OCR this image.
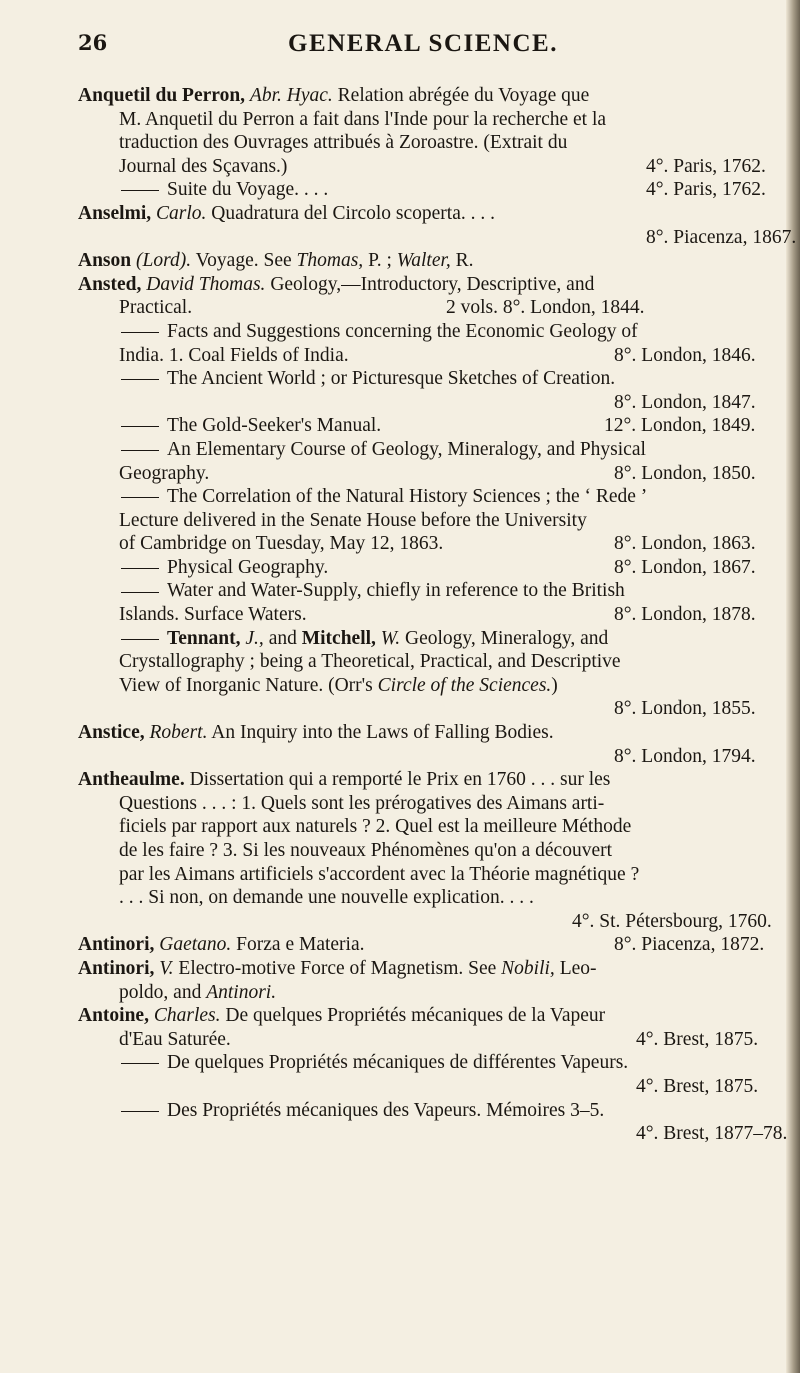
26	GENERAL SCIENCE.
Anquetil du Perron, Abr. Hyac. Relation abrégée du Voyage que
M. Anquetil du Perron a fait dans l'Inde pour la recherche et la
traduction des Ouvrages attribués à Zoroastre. (Extrait du
Journal des Sçavans.)	4°. Paris, 1762.
Suite du Voyage. . . .	4°. Paris, 1762.
Anselmi, Carlo. Quadratura del Circolo scoperta. . . .
8°. Piacenza, 1867.
Anson (Lord). Voyage. See Thomas, P. ; Walter, R.
Ansted, David Thomas. Geology,—Introductory, Descriptive, and
Practical.	2 vols. 8°. London, 1844.
Facts and Suggestions concerning the Economic Geology of
India. 1. Coal Fields of India.	8°. London, 1846.
The Ancient World ; or Picturesque Sketches of Creation.
8°. London, 1847.
The Gold-Seeker's Manual.	12°. London, 1849.
An Elementary Course of Geology, Mineralogy, and Physical
Geography.	8°. London, 1850.
The Correlation of the Natural History Sciences ; the ‘ Rede ’
Lecture delivered in the Senate House before the University
of Cambridge on Tuesday, May 12, 1863.	8°. London, 1863.
Physical Geography.	8°. London, 1867.
Water and Water-Supply, chiefly in reference to the British
Islands. Surface Waters.	8°. London, 1878.
Tennant, J., and Mitchell, W. Geology, Mineralogy, and
Crystallography ; being a Theoretical, Practical, and Descriptive
View of Inorganic Nature. (Orr's Circle of the Sciences.)
8°. London, 1855.
Anstice, Robert. An Inquiry into the Laws of Falling Bodies.
8°. London, 1794.
Antheaulme. Dissertation qui a remporté le Prix en 1760 . . . sur les
Questions . . . : 1. Quels sont les prérogatives des Aimans arti-
ficiels par rapport aux naturels ? 2. Quel est la meilleure Méthode
de les faire ? 3. Si les nouveaux Phénomènes qu'on a découvert
par les Aimans artificiels s'accordent avec la Théorie magnétique ?
. . . Si non, on demande une nouvelle explication. . . .
4°. St. Pétersbourg, 1760.
Antinori, Gaetano. Forza e Materia.	8°. Piacenza, 1872.
Antinori, V. Electro-motive Force of Magnetism. See Nobili, Leo-
poldo, and Antinori.
Antoine, Charles. De quelques Propriétés mécaniques de la Vapeur
d'Eau Saturée.	4°. Brest, 1875.
De quelques Propriétés mécaniques de différentes Vapeurs.
4°. Brest, 1875.
Des Propriétés mécaniques des Vapeurs. Mémoires 3–5.
4°. Brest, 1877–78.
